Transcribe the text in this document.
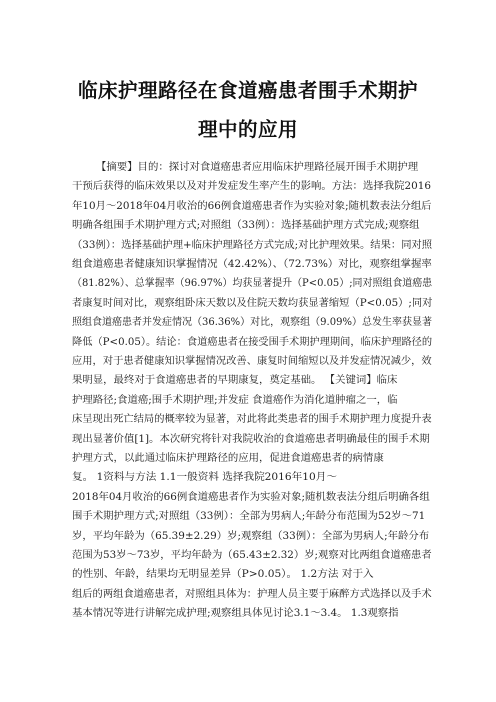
临床护理路径在食道癌患者围手术期护
理中的应用
【摘要】目的：探讨对食道癌患者应用临床护理路径展开围手术期护理
干预后获得的临床效果以及对并发症发生率产生的影响。方法：选择我院2016
年10月～2018年04月收治的66例食道癌患者作为实验对象;随机数表法分组后
明确各组围手术期护理方式;对照组（33例）：选择基础护理方式完成;观察组
（33例）：选择基础护理+临床护理路径方式完成;对比护理效果。结果：同对照
组食道癌患者健康知识掌握情况（42.42%）、（72.73%）对比，观察组掌握率
（81.82%）、总掌握率（96.97%）均获显著提升（P<0.05）;同对照组食道癌患
者康复时间对比，观察组卧床天数以及住院天数均获显著缩短（P<0.05）;同对
照组食道癌患者并发症情况（36.36%）对比，观察组（9.09%）总发生率获显著
降低（P<0.05）。结论：食道癌患者在接受围手术期护理期间，临床护理路径的
应用，对于患者健康知识掌握情况改善、康复时间缩短以及并发症情况减少，效
果明显，最终对于食道癌患者的早期康复，奠定基础。 【关键词】临床
护理路径;食道癌;围手术期护理;并发症 食道癌作为消化道肿瘤之一，临
床呈现出死亡结局的概率较为显著，对此将此类患者的围手术期护理力度提升表
现出显著价值[1]。本次研究将针对我院收治的食道癌患者明确最佳的围手术期
护理方式，以此通过临床护理路径的应用，促进食道癌患者的病情康
复。 1资料与方法 1.1一般资料 选择我院2016年10月～
2018年04月收治的66例食道癌患者作为实验对象;随机数表法分组后明确各组
围手术期护理方式;对照组（33例）：全部为男病人;年龄分布范围为52岁～71
岁，平均年龄为（65.39±2.29）岁;观察组（33例）：全部为男病人;年龄分布
范围为53岁～73岁，平均年龄为（65.43±2.32）岁;观察对比两组食道癌患者
的性别、年龄，结果均无明显差异（P>0.05）。 1.2方法 对于入
组后的两组食道癌患者，对照组具体为：护理人员主要于麻醉方式选择以及手术
基本情况等进行讲解完成护理;观察组具体见讨论3.1～3.4。 1.3观察指
